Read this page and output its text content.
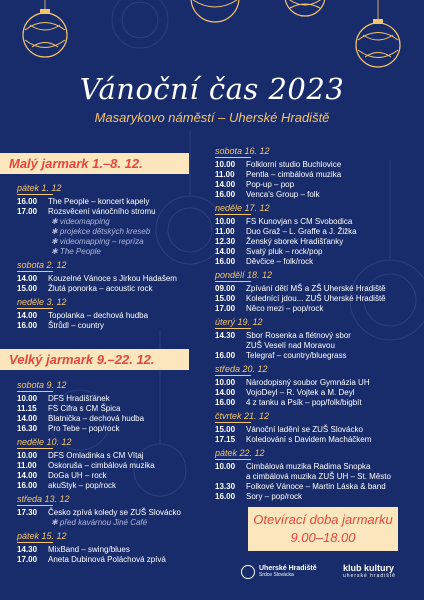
Vánoční čas 2023
Masarykovo náměstí – Uherské Hradiště
Malý jarmark 1.–8. 12.
Velký jarmark 9.–22. 12.
pátek 1. 12
16.00	The People – koncert kapely
17.00	Rozsvěcení vánočního stromu
✱ videomapping
✱ projekce dětských kreseb
✱ videomapping – repríza
✱ The People
sobota 2. 12
14.00	Kouzelné Vánoce s Jirkou Hadašem
15.00	Žlutá ponorka – acoustic rock
neděle 3. 12
14.00	Topolanka – dechová hudba
16.00	Štrůdl – country
sobota 9. 12
10.00	DFS Hradišťánek
11.15	FS Cifra s CM Špica
14.00	Blatnička – dechová hudba
16.30	Pro Tebe – pop/rock
neděle 10. 12
10.00	DFS Omladinka s CM Vítaj
11.00	Oskoruša – cimbálová muzika
14.00	DoGa UH – rock
16.00	akuStyk – pop/rock
středa 13. 12
17.30	Česko zpívá koledy se ZUŠ Slovácko
✱ před kavárnou Jiné Café
pátek 15. 12
14.30	MixBand – swing/blues
17.00	Aneta Dubinová Poláchová zpívá
sobota 16. 12
10.00	Folklorní studio Buchlovice
11.00	Pentla – cimbálová muzika
14.00	Pop-up – pop
16.00	Venca's Group – folk
neděle 17. 12
10.00	FS Kunovjan s CM Svobodica
11.00	Duo Graž – L. Graffe a J. Žižka
12.30	Ženský sborek Hradišťanky
14.00	Svatý pluk – rock/pop
16.00	Děvčice – folk/rock
pondělí 18. 12
09.00	Zpívání dětí MŠ a ZŠ Uherské Hradiště
15.00	Kolednící jdou... ZUŠ Uherské Hradiště
17.00	Něco mezi – pop/rock
úterý 19. 12
14.30	Sbor Rosenka a flétnový sbor
ZUŠ Veselí nad Moravou
16.00	Telegraf – country/bluegrass
středa 20. 12
10.00	Národopisný soubor Gymnázia UH
14.00	VojoDeyl – R. Vojtek a M. Deyl
16.00	4 z tanku a Psík – pop/folk/bigbít
čtvrtek 21. 12
15.00	Vánoční ladění se ZUŠ Slovácko
17.15	Koledování s Davidem Macháčkem
pátek 22. 12
10.00	Cimbálová muzika Radima Snopka
a cimbálová muzika ZUŠ UH – St. Město
13.30	Folkové Vánoce – Martin Láska & band
16.00	Sory – pop/rock
Otevírací doba jarmarku
9.00–18.00
Uherské Hradiště
Srdce Slovácka
klub kultury
uherské hradiště
